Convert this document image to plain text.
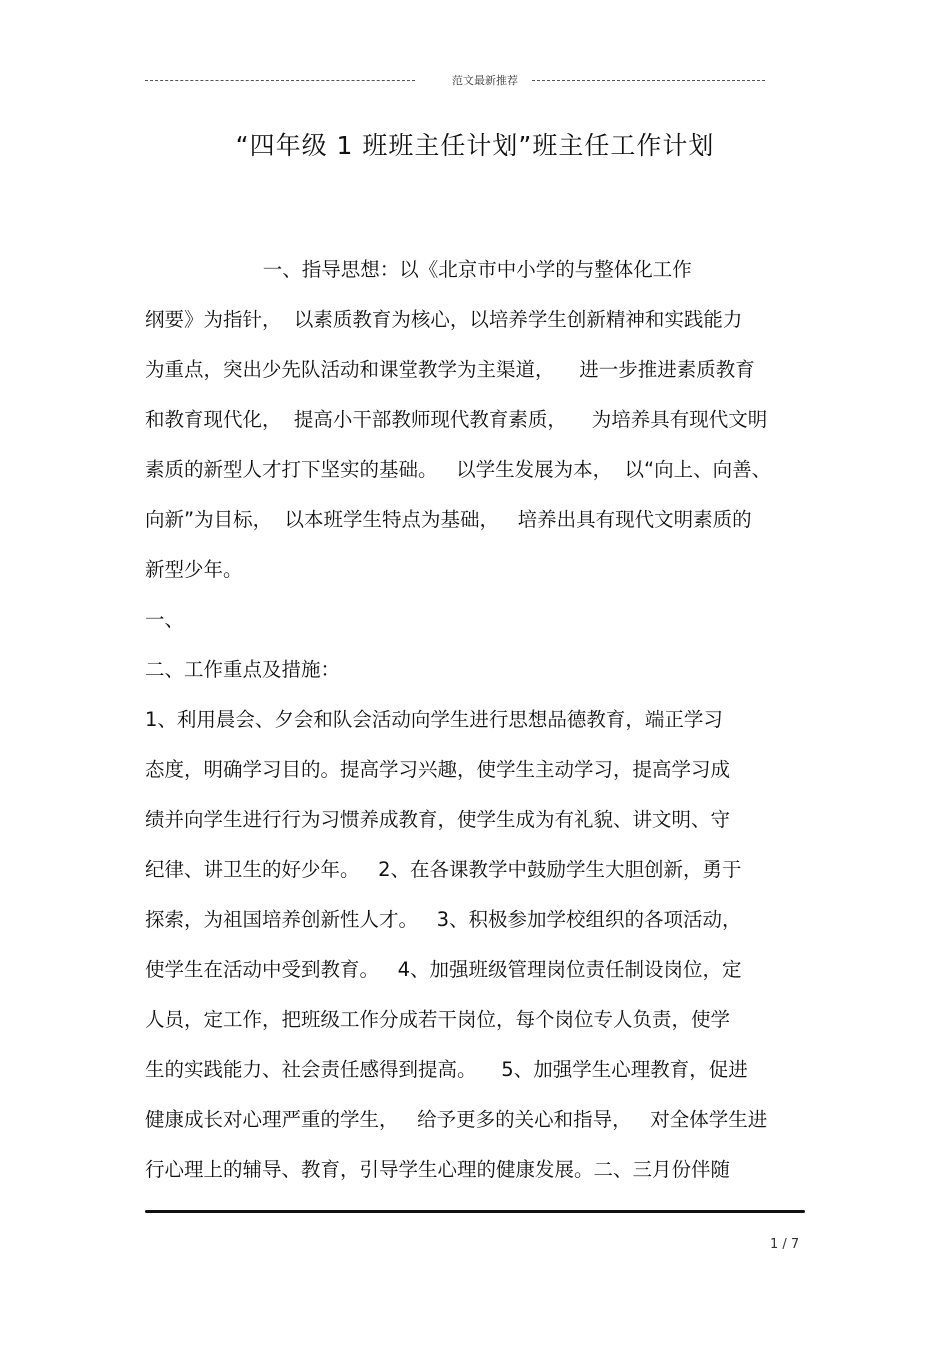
范文最新推荐
“四年级 1 班班主任计划”班主任工作计划
一、指导思想：以《北京市中小学的与整体化工作
纲要》为指针，  以素质教育为核心，以培养学生创新精神和实践能力
为重点，突出少先队活动和课堂教学为主渠道，    进一步推进素质教育
和教育现代化，  提高小干部教师现代教育素质，    为培养具有现代文明
素质的新型人才打下坚实的基础。   以学生发展为本，  以“向上、向善、
向新”为目标，  以本班学生特点为基础，   培养出具有现代文明素质的
新型少年。
一、
二、工作重点及措施：
1、利用晨会、夕会和队会活动向学生进行思想品德教育，端正学习
态度，明确学习目的。提高学习兴趣，使学生主动学习，提高学习成
绩并向学生进行行为习惯养成教育，使学生成为有礼貌、讲文明、守
纪律、讲卫生的好少年。   2、在各课教学中鼓励学生大胆创新，勇于
探索，为祖国培养创新性人才。   3、积极参加学校组织的各项活动，
使学生在活动中受到教育。   4、加强班级管理岗位责任制设岗位，定
人员，定工作，把班级工作分成若干岗位，每个岗位专人负责，使学
生的实践能力、社会责任感得到提高。    5、加强学生心理教育，促进
健康成长对心理严重的学生，   给予更多的关心和指导，   对全体学生进
行心理上的辅导、教育，引导学生心理的健康发展。二、三月份伴随
1 / 7
